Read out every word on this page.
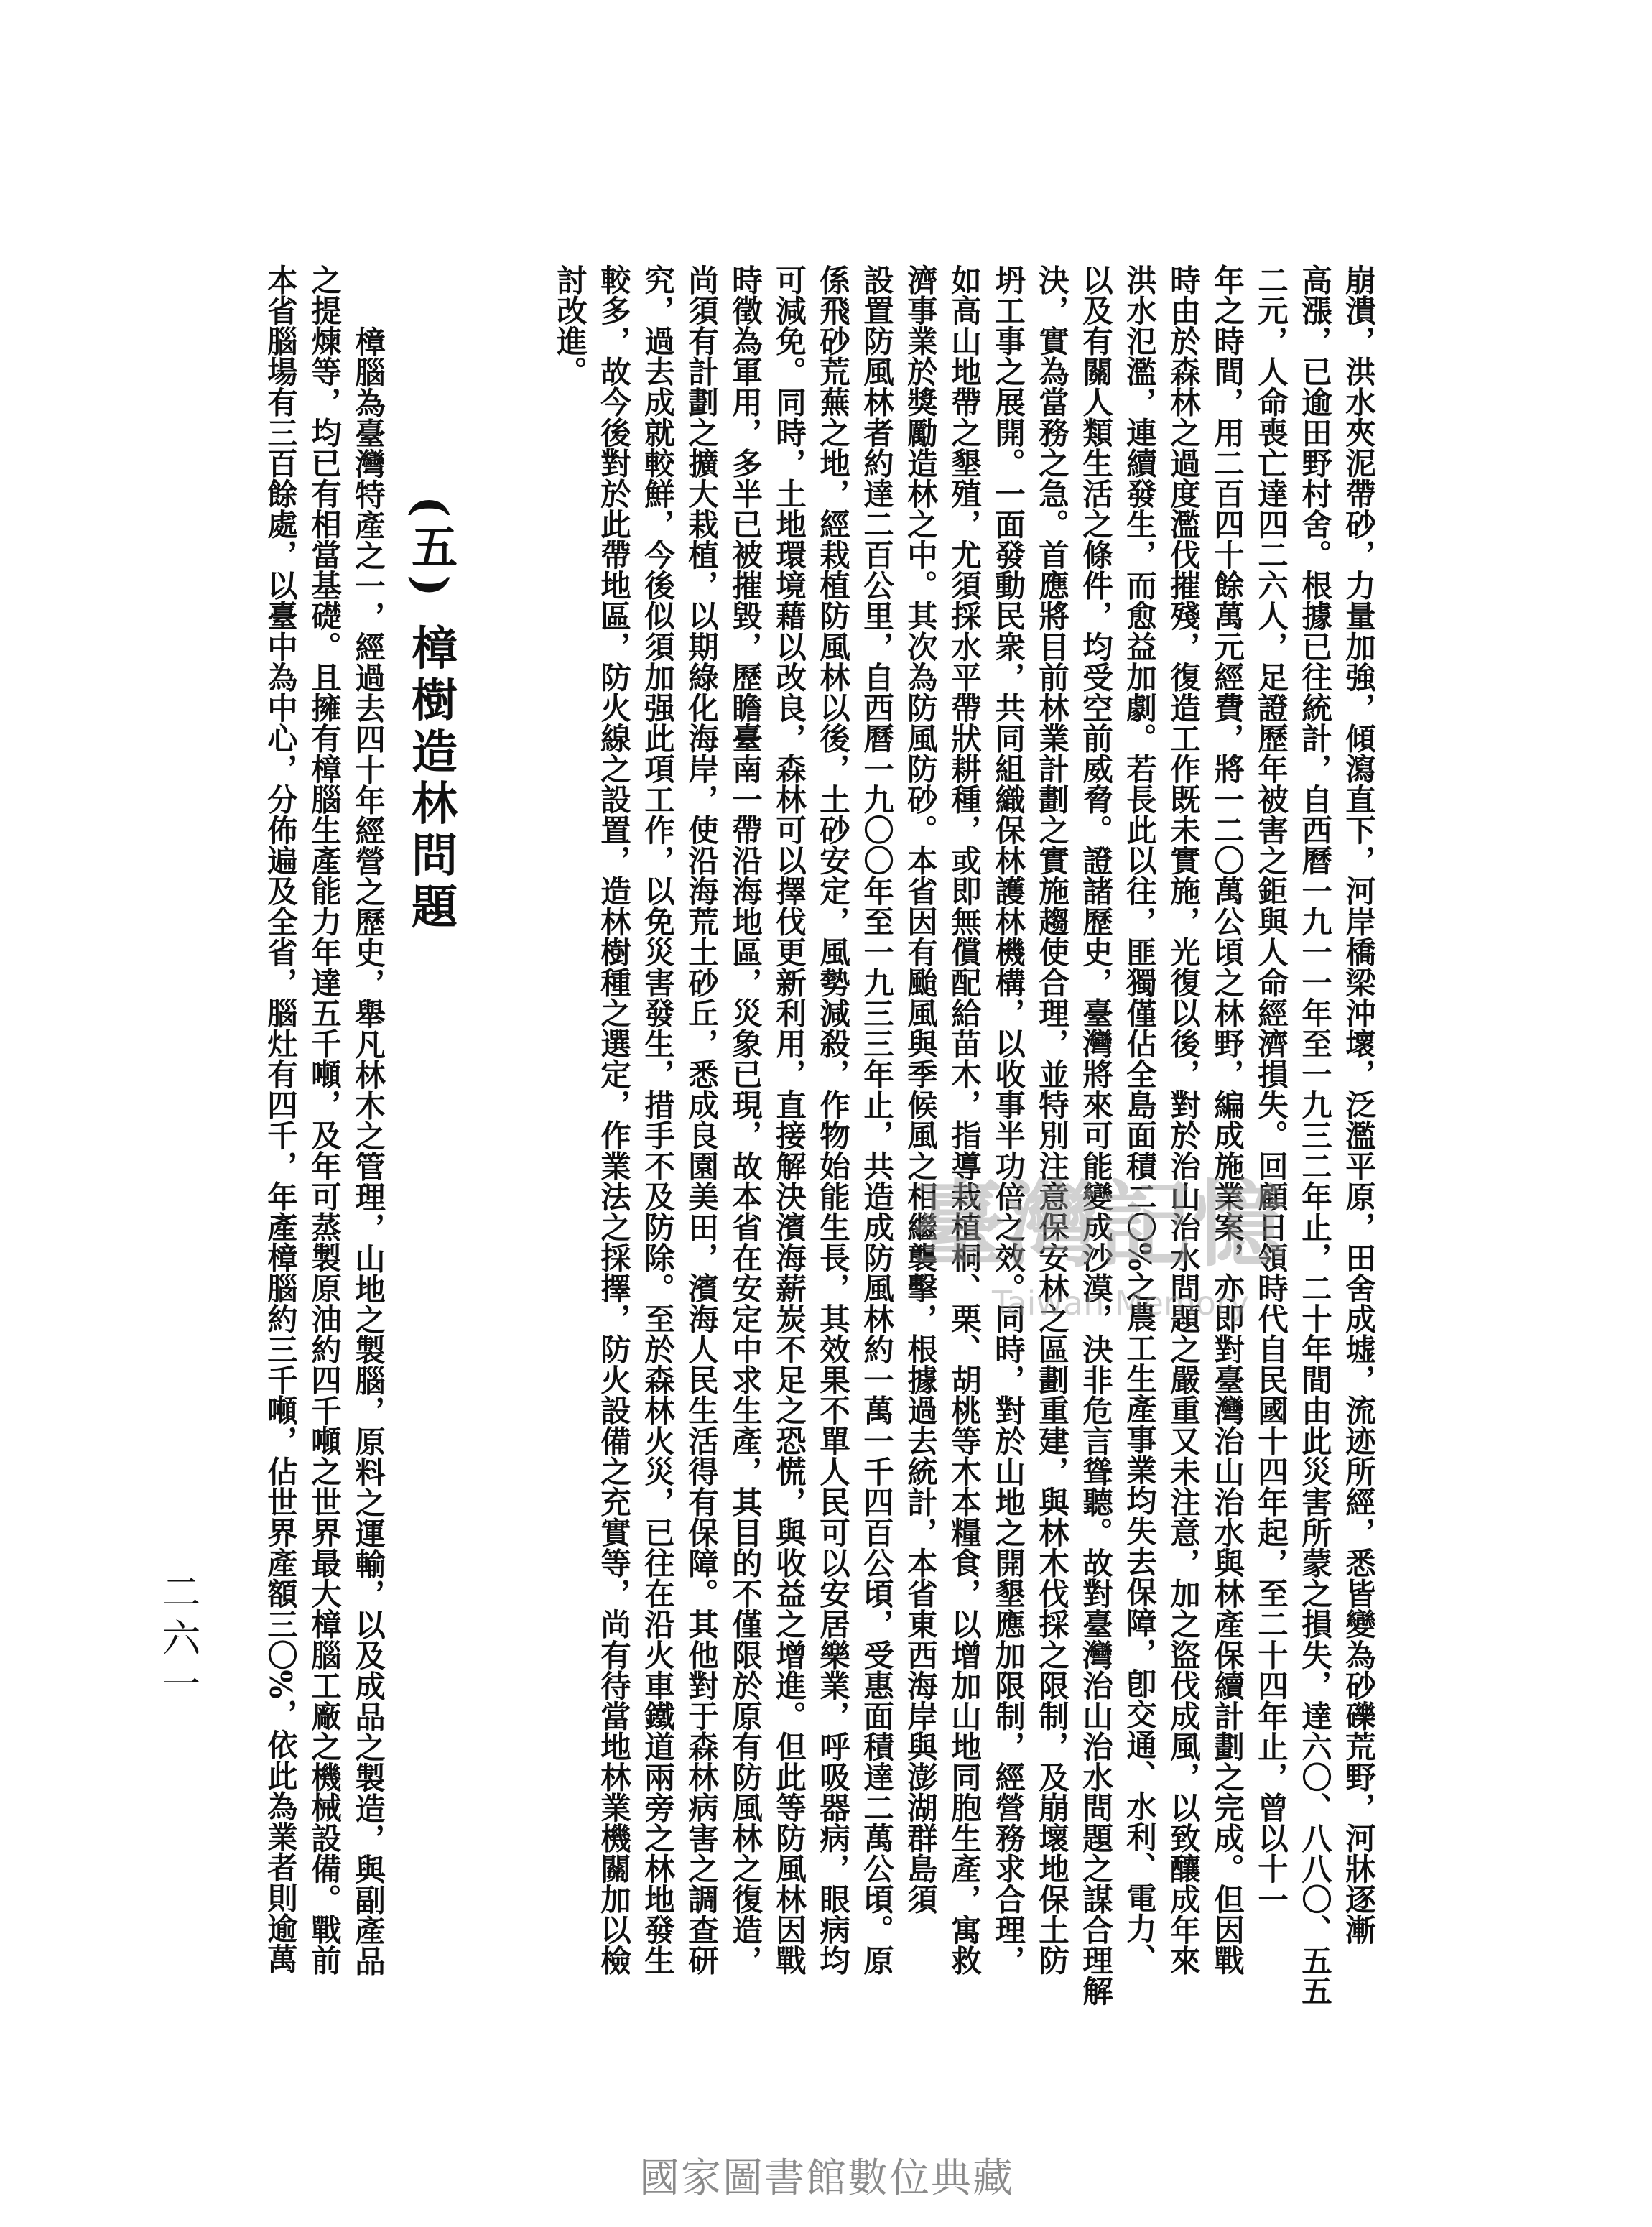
崩潰，洪水夾泥帶砂，力量加強，傾瀉直下，河岸橋梁沖壞，泛濫平原，田舍成墟，流迹所經，悉皆變為砂礫荒野，河牀逐漸
高漲，已逾田野村舍。根據已往統計，自西曆一九一一年至一九三二年止，二十年間由此災害所蒙之損失，達六〇、八八〇、五五
二元，人命喪亡達四二六人，足證歷年被害之鉅與人命經濟損失。回顧日領時代自民國十四年起，至二十四年止，曾以十一
年之時間，用二百四十餘萬元經費，將一二〇萬公頃之林野，編成施業案，亦即對臺灣治山治水與林產保續計劃之完成。但因戰
時由於森林之過度濫伐摧殘，復造工作既未實施，光復以後，對於治山治水問題之嚴重又未注意，加之盜伐成風，以致釀成年來
洪水氾濫，連續發生，而愈益加劇。若長此以往，匪獨僅佔全島面積二〇%之農工生產事業均失去保障，卽交通、水利、電力、
以及有關人類生活之條件，均受空前威脅。證諸歷史，臺灣將來可能變成沙漠，決非危言聳聽。故對臺灣治山治水問題之謀合理解
決，實為當務之急。首應將目前林業計劃之實施趨使合理，並特別注意保安林之區劃重建，與林木伐採之限制，及崩壞地保土防
坍工事之展開。一面發動民衆，共同組織保林護林機構，以收事半功倍之效。同時，對於山地之開墾應加限制，經營務求合理，
如高山地帶之墾殖，尤須採水平帶狀耕種，或即無償配給苗木，指導栽植桐、栗、胡桃等木本糧食，以增加山地同胞生產，寓救
濟事業於獎勵造林之中。其次為防風防砂。本省因有颱風與季候風之相繼襲擊，根據過去統計，本省東西海岸與澎湖群島須
設置防風林者約達二百公里，自西曆一九〇〇年至一九三三年止，共造成防風林約一萬一千四百公頃，受惠面積達二萬公頃。原
係飛砂荒蕪之地，經栽植防風林以後，土砂安定，風勢減殺，作物始能生長，其效果不單人民可以安居樂業，呼吸器病，眼病均
可減免。同時，土地環境藉以改良，森林可以擇伐更新利用，直接解決濱海薪炭不足之恐慌，與收益之增進。但此等防風林因戰
時徵為軍用，多半已被摧毀，歷瞻臺南一帶沿海地區，災象已現，故本省在安定中求生產，其目的不僅限於原有防風林之復造，
尚須有計劃之擴大栽植，以期綠化海岸，使沿海荒土砂丘，悉成良園美田，濱海人民生活得有保障。其他對于森林病害之調查研
究，過去成就較鮮，今後似須加强此項工作，以免災害發生，措手不及防除。至於森林火災，已往在沿火車鐵道兩旁之林地發生
較多，故今後對於此帶地區，防火線之設置，造林樹種之選定，作業法之採擇，防火設備之充實等，尚有待當地林業機關加以檢
討改進。
(五) 樟樹造林問題
樟腦為臺灣特產之一，經過去四十年經營之歷史，舉凡林木之管理，山地之製腦，原料之運輸，以及成品之製造，與副產品
之提煉等，均已有相當基礎。且擁有樟腦生產能力年達五千噸，及年可蒸製原油約四千噸之世界最大樟腦工廠之機械設備。戰前
本省腦場有三百餘處，以臺中為中心，分佈遍及全省，腦灶有四千，年產樟腦約三千噸，佔世界產額三〇%，依此為業者則逾萬
二六一
臺灣記憶
Taiwan Memory
國家圖書館數位典藏
